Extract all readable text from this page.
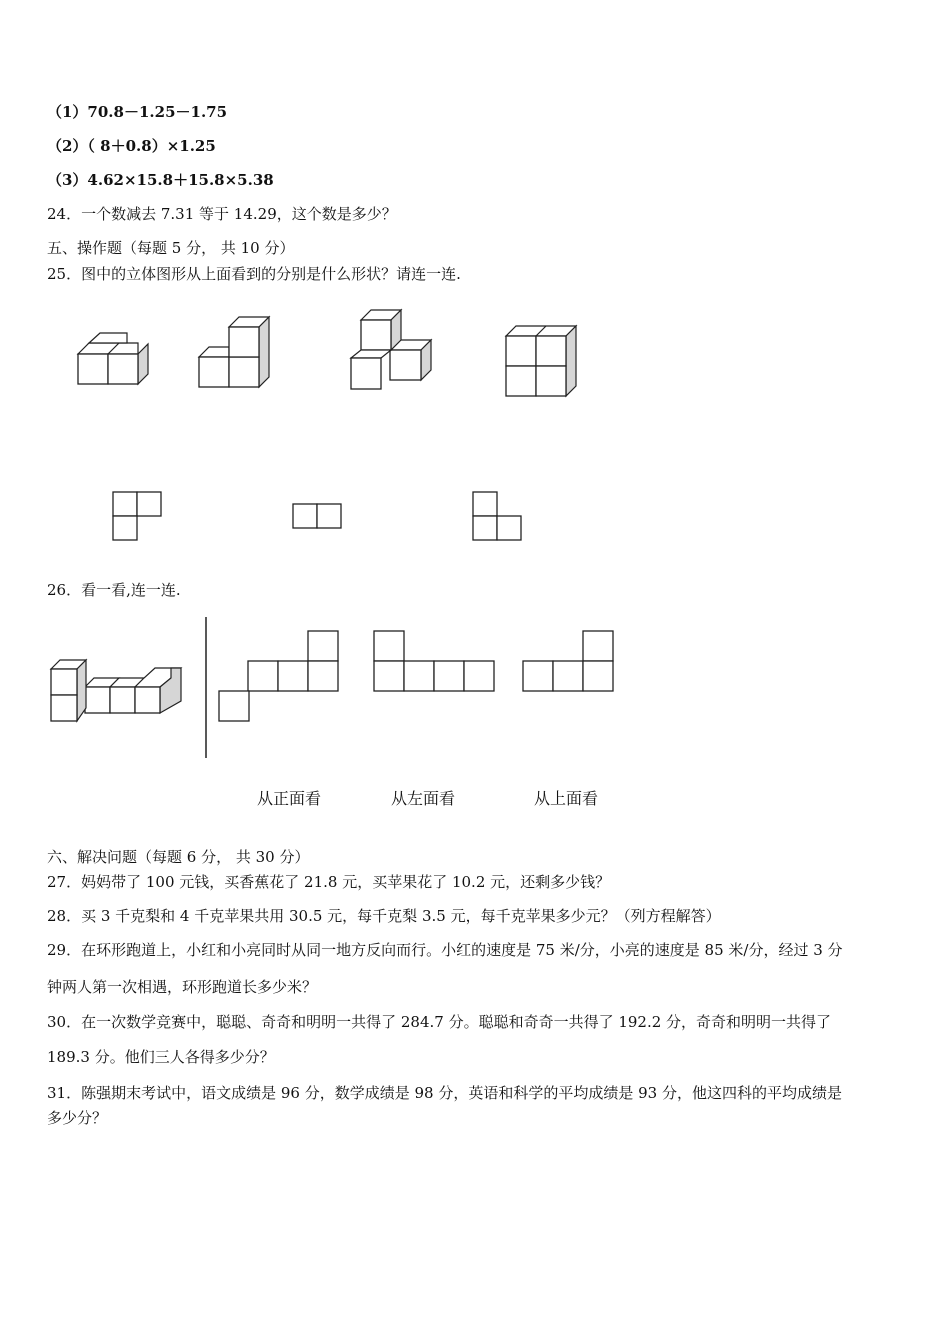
（1）70.8－1.25－1.75
（2）（ 8＋0.8）×1.25
（3）4.62×15.8＋15.8×5.38
24．一个数减去 7.31 等于 14.29，这个数是多少？
五、操作题（每题 5 分， 共 10 分）
25．图中的立体图形从上面看到的分别是什么形状？请连一连.
26．看一看,连一连.
从正面看	从左面看	从上面看
六、解决问题（每题 6 分， 共 30 分）
27．妈妈带了 100 元钱，买香蕉花了 21.8 元，买苹果花了 10.2 元，还剩多少钱？
28．买 3 千克梨和 4 千克苹果共用 30.5 元，每千克梨 3.5 元，每千克苹果多少元？（列方程解答）
29．在环形跑道上，小红和小亮同时从同一地方反向而行。小红的速度是 75 米/分，小亮的速度是 85 米/分，经过 3 分
钟两人第一次相遇，环形跑道长多少米？
30．在一次数学竞赛中，聪聪、奇奇和明明一共得了 284.7 分。聪聪和奇奇一共得了 192.2 分，奇奇和明明一共得了
189.3 分。他们三人各得多少分？
31．陈强期末考试中，语文成绩是 96 分，数学成绩是 98 分，英语和科学的平均成绩是 93 分，他这四科的平均成绩是
多少分？
